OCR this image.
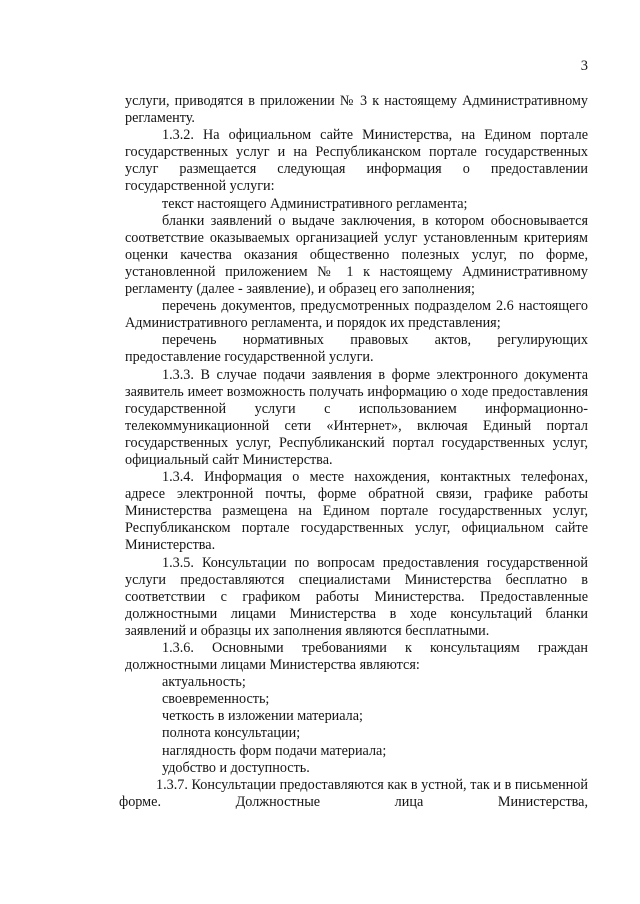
3

услуги, приводятся в приложении № 3 к настоящему Административному регламенту.

1.3.2. На официальном сайте Министерства, на Едином портале государственных услуг и на Республиканском портале государственных услуг размещается следующая информация о предоставлении государственной услуги:

текст настоящего Административного регламента;

бланки заявлений о выдаче заключения, в котором обосновывается соответствие оказываемых организацией услуг установленным критериям оценки качества оказания общественно полезных услуг, по форме, установленной приложением № 1 к настоящему Административному регламенту (далее - заявление), и образец его заполнения;

перечень документов, предусмотренных подразделом 2.6 настоящего Административного регламента, и порядок их представления;

перечень нормативных правовых актов, регулирующих предоставление государственной услуги.

1.3.3. В случае подачи заявления в форме электронного документа заявитель имеет возможность получать информацию о ходе предоставления государственной услуги с использованием информационно-телекоммуникационной сети «Интернет», включая Единый портал государственных услуг, Республиканский портал государственных услуг, официальный сайт Министерства.

1.3.4. Информация о месте нахождения, контактных телефонах, адресе электронной почты, форме обратной связи, графике работы Министерства размещена на Едином портале государственных услуг, Республиканском портале государственных услуг, официальном сайте Министерства.

1.3.5. Консультации по вопросам предоставления государственной услуги предоставляются специалистами Министерства бесплатно в соответствии с графиком работы Министерства. Предоставленные должностными лицами Министерства в ходе консультаций бланки заявлений и образцы их заполнения являются бесплатными.

1.3.6. Основными требованиями к консультациям граждан должностными лицами Министерства являются:

актуальность;

своевременность;

четкость в изложении материала;

полнота консультации;

наглядность форм подачи материала;

удобство и доступность.

1.3.7. Консультации предоставляются как в устной, так и в письменной форме. Должностные лица Министерства,
